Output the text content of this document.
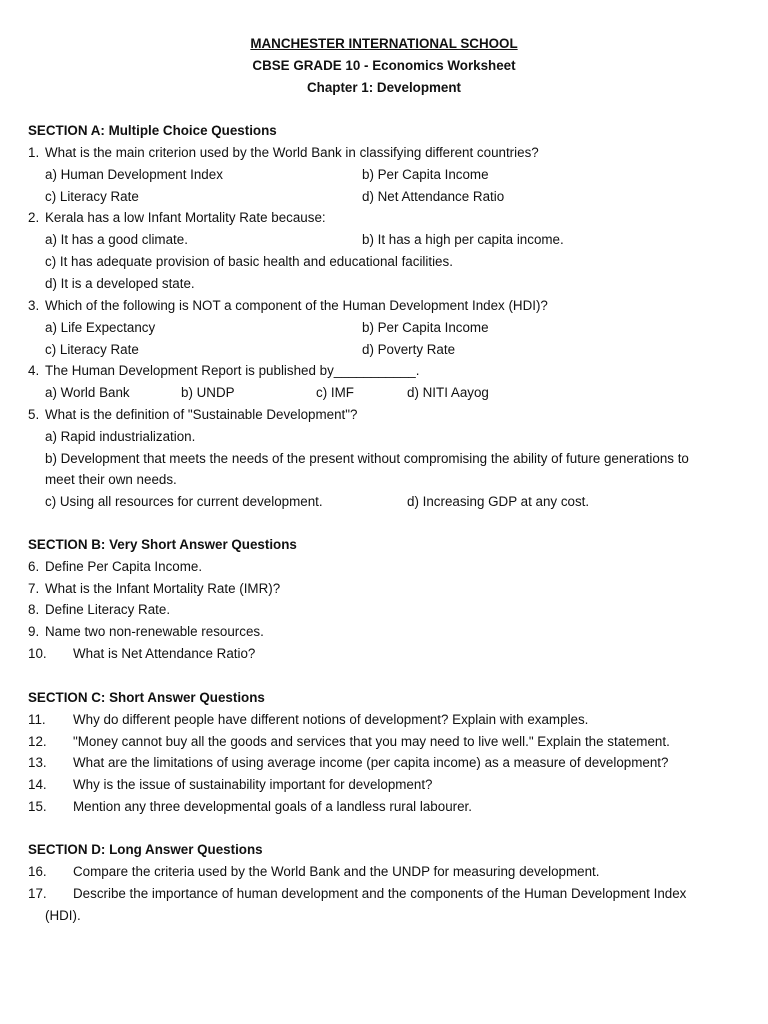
MANCHESTER INTERNATIONAL SCHOOL
CBSE GRADE 10 - Economics Worksheet
Chapter 1: Development
SECTION A: Multiple Choice Questions
1. What is the main criterion used by the World Bank in classifying different countries?
a) Human Development Index	b) Per Capita Income
c) Literacy Rate	d) Net Attendance Ratio
2. Kerala has a low Infant Mortality Rate because:
a) It has a good climate.	b) It has a high per capita income.
c) It has adequate provision of basic health and educational facilities.
d) It is a developed state.
3. Which of the following is NOT a component of the Human Development Index (HDI)?
a) Life Expectancy	b) Per Capita Income
c) Literacy Rate	d) Poverty Rate
4. The Human Development Report is published by___________.
a) World Bank	b) UNDP	c) IMF	d) NITI Aayog
5. What is the definition of "Sustainable Development"?
a) Rapid industrialization.
b) Development that meets the needs of the present without compromising the ability of future generations to
meet their own needs.
c) Using all resources for current development.	d) Increasing GDP at any cost.
SECTION B: Very Short Answer Questions
6. Define Per Capita Income.
7. What is the Infant Mortality Rate (IMR)?
8. Define Literacy Rate.
9. Name two non-renewable resources.
10. What is Net Attendance Ratio?
SECTION C: Short Answer Questions
11. Why do different people have different notions of development? Explain with examples.
12. "Money cannot buy all the goods and services that you may need to live well." Explain the statement.
13. What are the limitations of using average income (per capita income) as a measure of development?
14. Why is the issue of sustainability important for development?
15. Mention any three developmental goals of a landless rural labourer.
SECTION D: Long Answer Questions
16. Compare the criteria used by the World Bank and the UNDP for measuring development.
17. Describe the importance of human development and the components of the Human Development Index
(HDI).
